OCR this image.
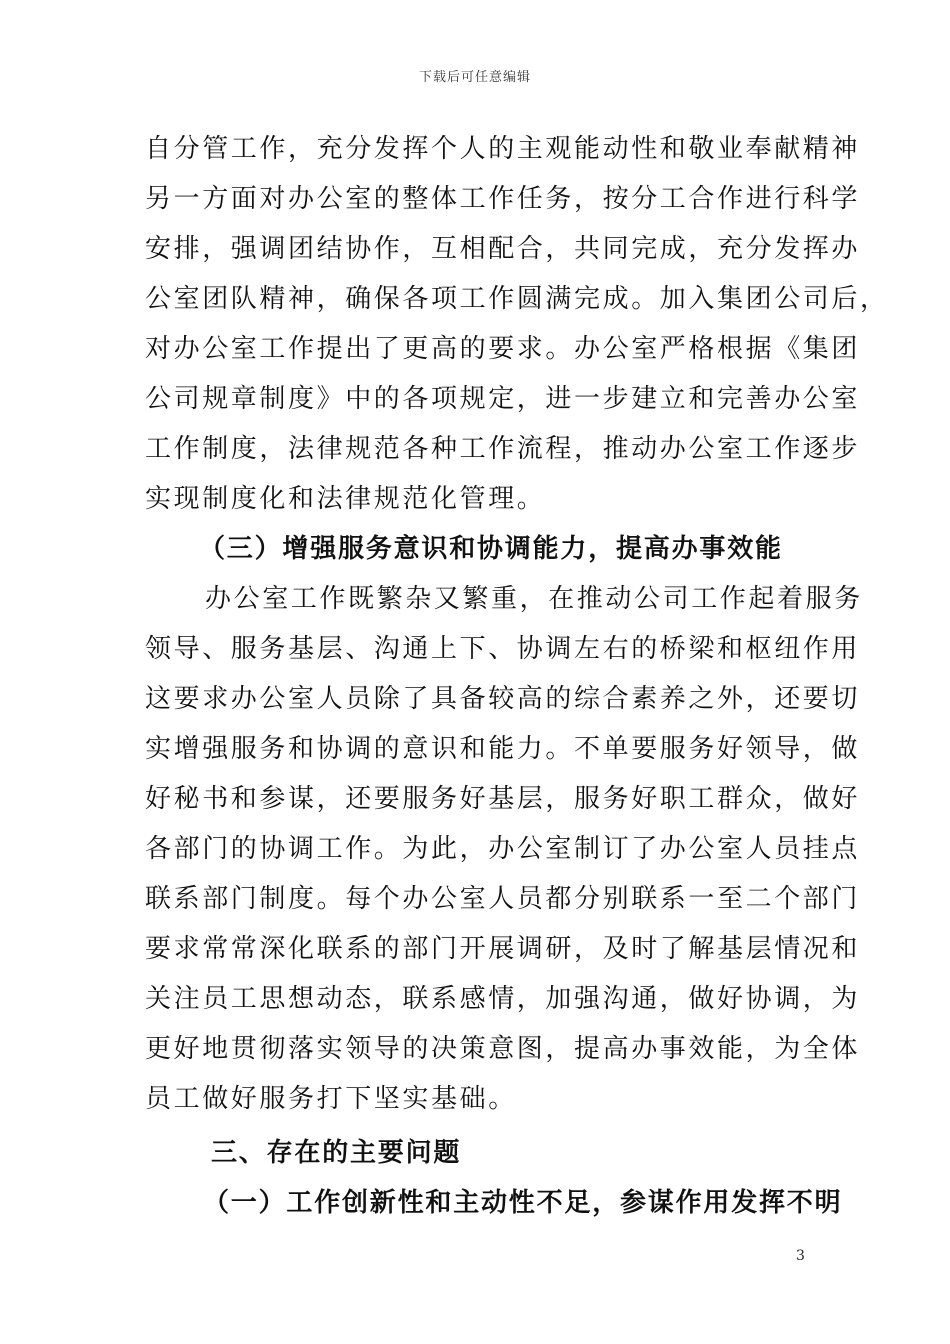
下载后可任意编辑
自分管工作，充分发挥个人的主观能动性和敬业奉献精神
另一方面对办公室的整体工作任务，按分工合作进行科学
安排，强调团结协作，互相配合，共同完成，充分发挥办
公室团队精神，确保各项工作圆满完成。加入集团公司后，
对办公室工作提出了更高的要求。办公室严格根据《集团
公司规章制度》中的各项规定，进一步建立和完善办公室
工作制度，法律规范各种工作流程，推动办公室工作逐步
实现制度化和法律规范化管理。
（三）增强服务意识和协调能力，提高办事效能
办公室工作既繁杂又繁重，在推动公司工作起着服务
领导、服务基层、沟通上下、协调左右的桥梁和枢纽作用
这要求办公室人员除了具备较高的综合素养之外，还要切
实增强服务和协调的意识和能力。不单要服务好领导，做
好秘书和参谋，还要服务好基层，服务好职工群众，做好
各部门的协调工作。为此，办公室制订了办公室人员挂点
联系部门制度。每个办公室人员都分别联系一至二个部门
要求常常深化联系的部门开展调研，及时了解基层情况和
关注员工思想动态，联系感情，加强沟通，做好协调，为
更好地贯彻落实领导的决策意图，提高办事效能，为全体
员工做好服务打下坚实基础。
三、存在的主要问题
（一）工作创新性和主动性不足，参谋作用发挥不明
3
